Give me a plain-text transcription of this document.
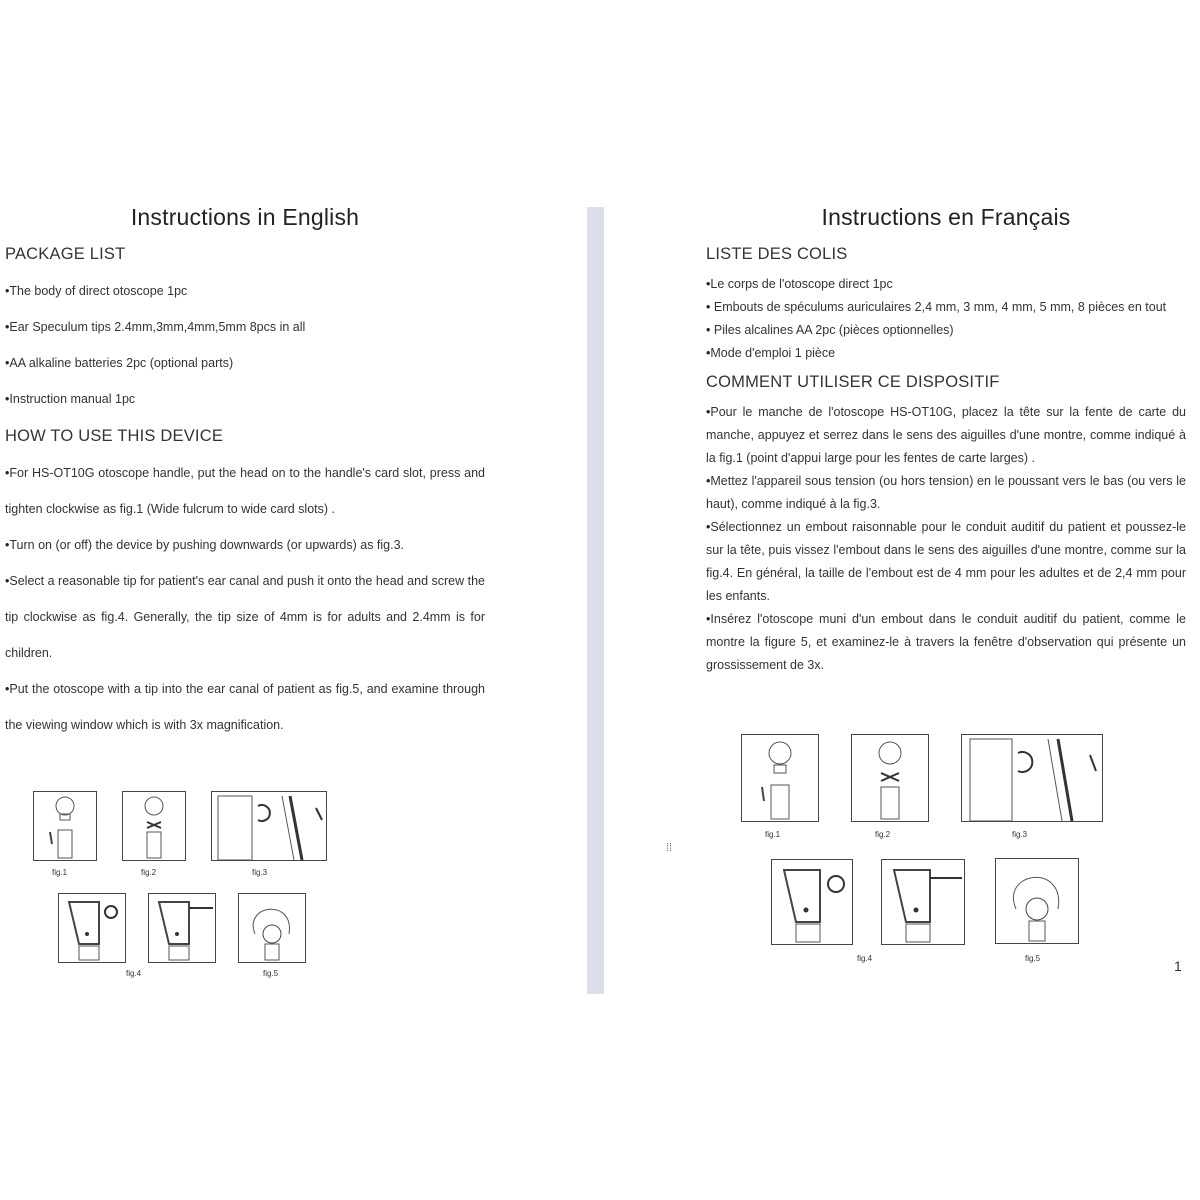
Instructions in English
PACKAGE LIST
•The body of direct otoscope 1pc
•Ear Speculum tips 2.4mm,3mm,4mm,5mm 8pcs in all
•AA alkaline batteries 2pc (optional parts)
•Instruction manual 1pc
HOW TO USE THIS DEVICE
•For HS-OT10G otoscope handle, put the head on to the handle's card slot, press and tighten clockwise as fig.1 (Wide fulcrum to wide card slots) .
•Turn on (or off) the device by pushing downwards (or upwards) as fig.3.
•Select a reasonable tip for patient's ear canal and push it onto the head and screw the tip clockwise as fig.4. Generally, the tip size of 4mm is for adults and 2.4mm is for children.
•Put the otoscope with a tip into the ear canal of patient as fig.5, and examine through the viewing window which is with 3x magnification.
Instructions en Français
LISTE DES COLIS
•Le corps de l'otoscope direct 1pc
• Embouts de spéculums auriculaires 2,4 mm, 3 mm, 4 mm, 5 mm, 8 pièces en tout
• Piles alcalines AA 2pc (pièces optionnelles)
•Mode d'emploi 1 pièce
COMMENT UTILISER CE DISPOSITIF
•Pour le manche de l'otoscope HS-OT10G, placez la tête sur la fente de carte du manche, appuyez et serrez dans le sens des aiguilles d'une montre, comme indiqué à la fig.1 (point d'appui large pour les fentes de carte larges) .
•Mettez l'appareil sous tension (ou hors tension) en le poussant vers le bas (ou vers le haut), comme indiqué à la fig.3.
•Sélectionnez un embout raisonnable pour le conduit auditif du patient et poussez-le sur la tête, puis vissez l'embout dans le sens des aiguilles d'une montre, comme sur la fig.4. En général, la taille de l'embout est de 4 mm pour les adultes et de 2,4 mm pour les enfants.
•Insérez l'otoscope muni d'un embout dans le conduit auditif du patient, comme le montre la figure 5, et examinez-le à travers la fenêtre d'observation qui présente un grossissement de 3x.
fig.1	fig.2	fig.3
fig.4	fig.5
fig.1	fig.2	fig.3
fig.4	fig.5
⁞⁞
1
